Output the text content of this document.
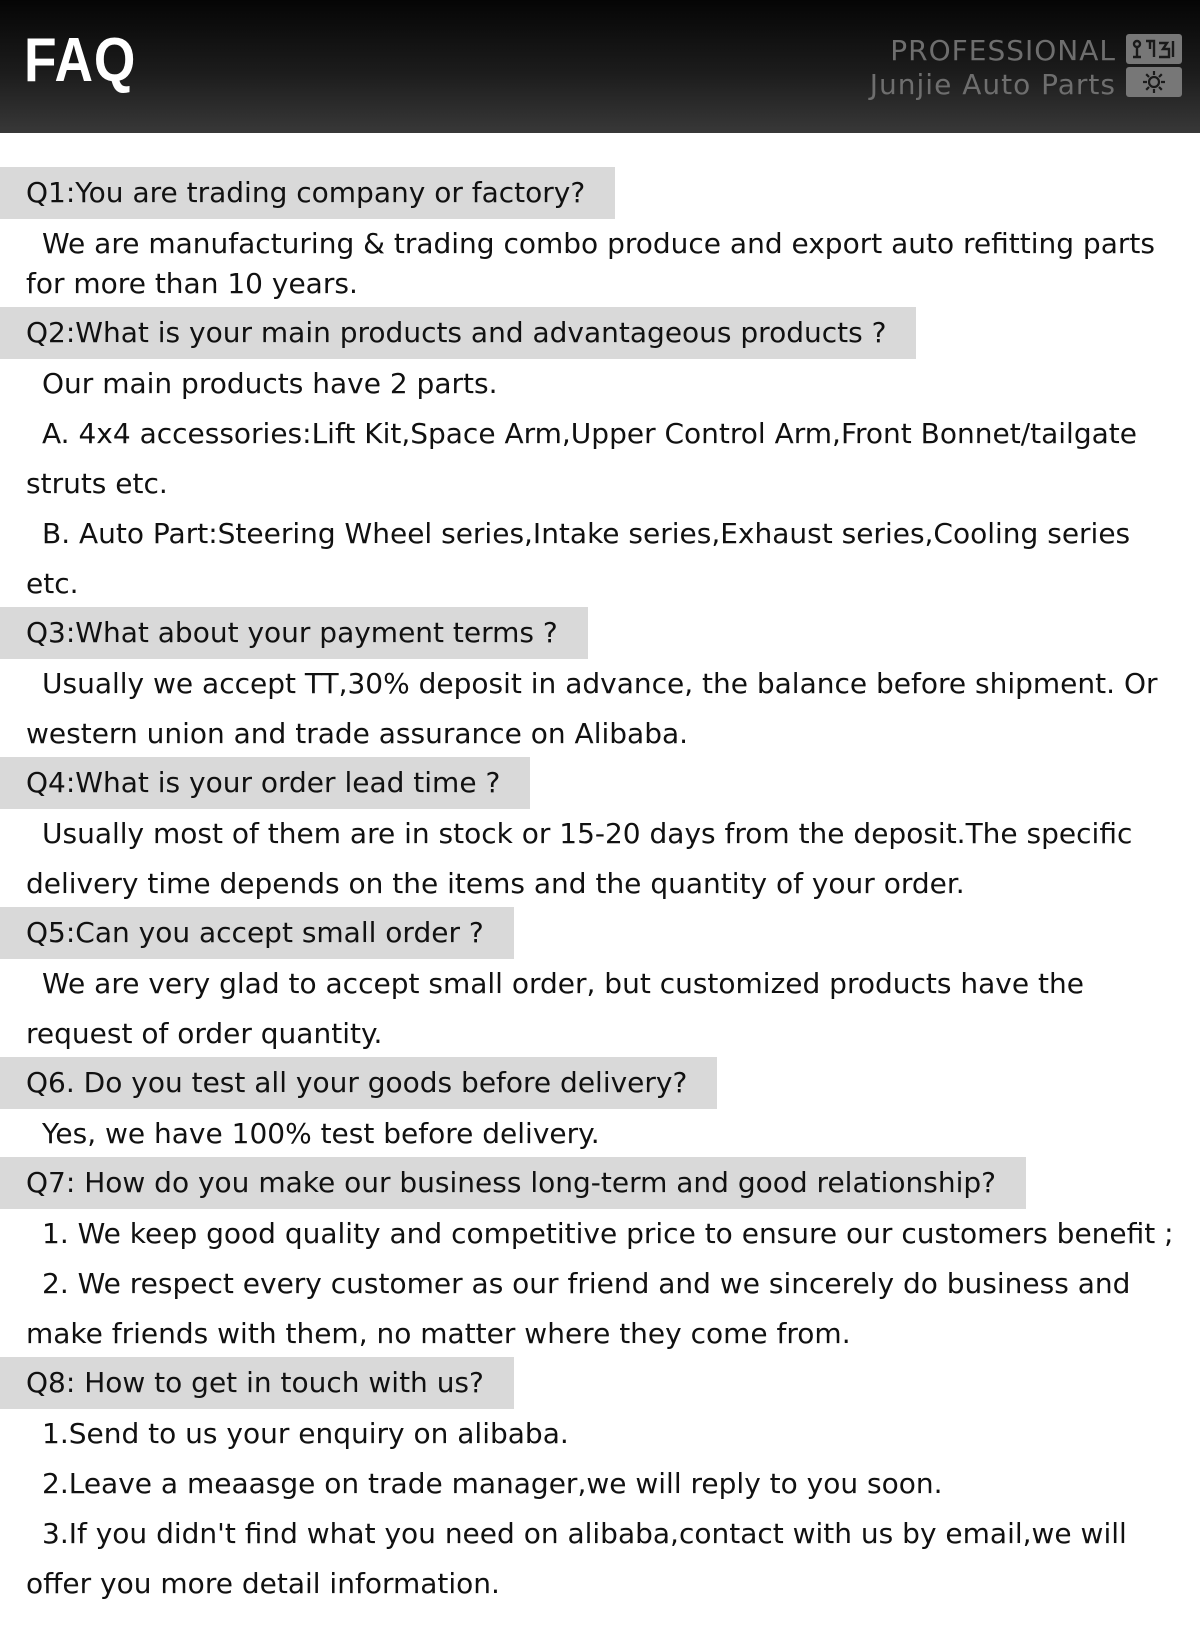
FAQ	PROFESSIONAL
Junjie Auto Parts
Q1:You are trading company or factory?

We are manufacturing & trading combo produce and export auto refitting parts for more than 10 years.

Q2:What is your main products and advantageous products ?

Our main products have 2 parts.

A. 4x4 accessories:Lift Kit,Space Arm,Upper Control Arm,Front Bonnet/tailgate struts etc.

B. Auto Part:Steering Wheel series,Intake series,Exhaust series,Cooling series etc.

Q3:What about your payment terms ?

Usually we accept TT,30% deposit in advance, the balance before shipment. Or western union and trade assurance on Alibaba.

Q4:What is your order lead time ?

Usually most of them are in stock or 15-20 days from the deposit.The specific delivery time depends on the items and the quantity of your order.

Q5:Can you accept small order ?

We are very glad to accept small order, but customized products have the request of order quantity.

Q6. Do you test all your goods before delivery?

Yes, we have 100% test before delivery.

Q7: How do you make our business long-term and good relationship?

1. We keep good quality and competitive price to ensure our customers benefit ;

2. We respect every customer as our friend and we sincerely do business and make friends with them, no matter where they come from.

Q8: How to get in touch with us?

1.Send to us your enquiry on alibaba.

2.Leave a meaasge on trade manager,we will reply to you soon.

3.If you didn't find what you need on alibaba,contact with us by email,we will offer you more detail information.
